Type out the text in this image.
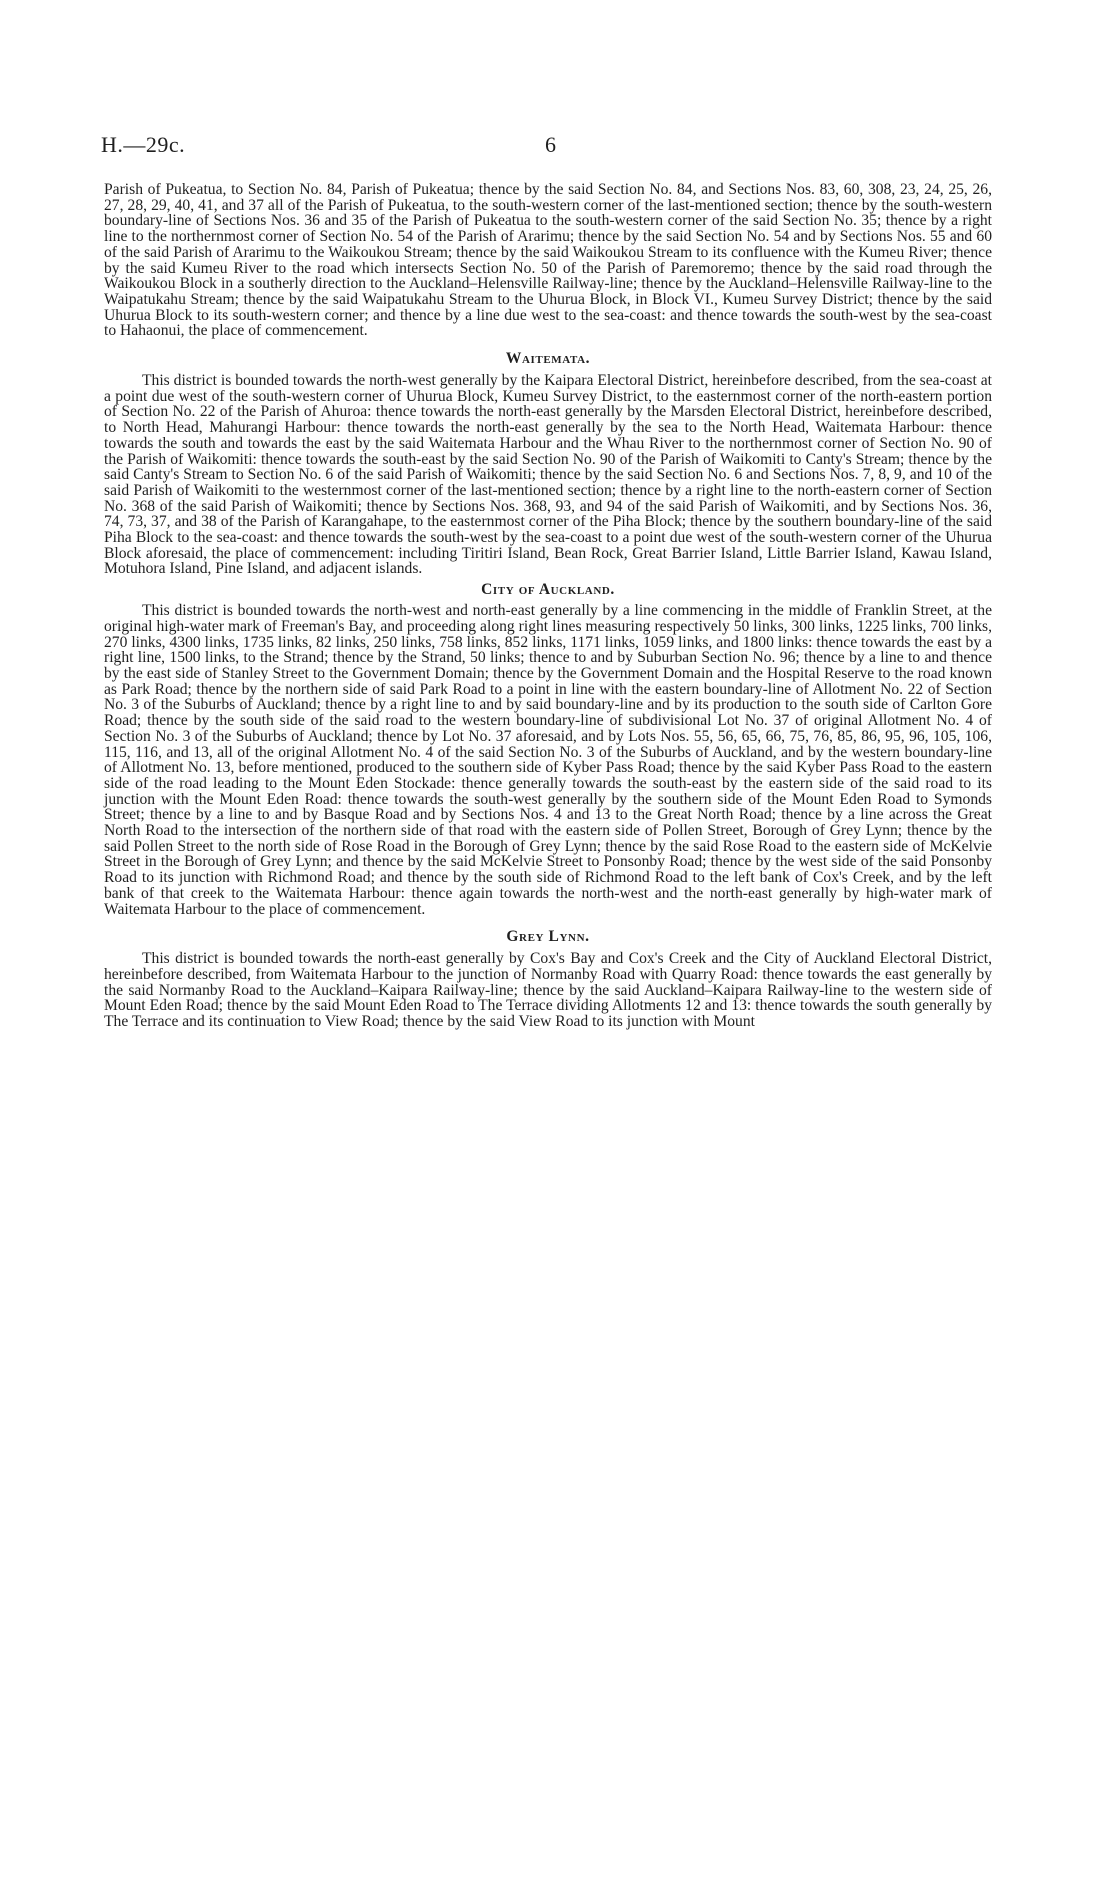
H.—29c.	6

Parish of Pukeatua, to Section No. 84, Parish of Pukeatua; thence by the said Section No. 84, and Sections Nos. 83, 60, 308, 23, 24, 25, 26, 27, 28, 29, 40, 41, and 37 all of the Parish of Pukeatua, to the south-western corner of the last-mentioned section; thence by the south-western boundary-line of Sections Nos. 36 and 35 of the Parish of Pukeatua to the south-western corner of the said Section No. 35; thence by a right line to the northernmost corner of Section No. 54 of the Parish of Ararimu; thence by the said Section No. 54 and by Sections Nos. 55 and 60 of the said Parish of Ararimu to the Waikoukou Stream; thence by the said Waikoukou Stream to its confluence with the Kumeu River; thence by the said Kumeu River to the road which intersects Section No. 50 of the Parish of Paremoremo; thence by the said road through the Waikoukou Block in a southerly direction to the Auckland–Helensville Railway-line; thence by the Auckland–Helensville Railway-line to the Waipatukahu Stream; thence by the said Waipatukahu Stream to the Uhurua Block, in Block VI., Kumeu Survey District; thence by the said Uhurua Block to its south-western corner; and thence by a line due west to the sea-coast: and thence towards the south-west by the sea-coast to Hahaonui, the place of commencement.

Waitemata.

This district is bounded towards the north-west generally by the Kaipara Electoral District, hereinbefore described, from the sea-coast at a point due west of the south-western corner of Uhurua Block, Kumeu Survey District, to the easternmost corner of the north-eastern portion of Section No. 22 of the Parish of Ahuroa: thence towards the north-east generally by the Marsden Electoral District, hereinbefore described, to North Head, Mahurangi Harbour: thence towards the north-east generally by the sea to the North Head, Waitemata Harbour: thence towards the south and towards the east by the said Waitemata Harbour and the Whau River to the northernmost corner of Section No. 90 of the Parish of Waikomiti: thence towards the south-east by the said Section No. 90 of the Parish of Waikomiti to Canty's Stream; thence by the said Canty's Stream to Section No. 6 of the said Parish of Waikomiti; thence by the said Section No. 6 and Sections Nos. 7, 8, 9, and 10 of the said Parish of Waikomiti to the westernmost corner of the last-mentioned section; thence by a right line to the north-eastern corner of Section No. 368 of the said Parish of Waikomiti; thence by Sections Nos. 368, 93, and 94 of the said Parish of Waikomiti, and by Sections Nos. 36, 74, 73, 37, and 38 of the Parish of Karangahape, to the easternmost corner of the Piha Block; thence by the southern boundary-line of the said Piha Block to the sea-coast: and thence towards the south-west by the sea-coast to a point due west of the south-western corner of the Uhurua Block aforesaid, the place of commencement: including Tiritiri Island, Bean Rock, Great Barrier Island, Little Barrier Island, Kawau Island, Motuhora Island, Pine Island, and adjacent islands.

City of Auckland.

This district is bounded towards the north-west and north-east generally by a line commencing in the middle of Franklin Street, at the original high-water mark of Freeman's Bay, and proceeding along right lines measuring respectively 50 links, 300 links, 1225 links, 700 links, 270 links, 4300 links, 1735 links, 82 links, 250 links, 758 links, 852 links, 1171 links, 1059 links, and 1800 links: thence towards the east by a right line, 1500 links, to the Strand; thence by the Strand, 50 links; thence to and by Suburban Section No. 96; thence by a line to and thence by the east side of Stanley Street to the Government Domain; thence by the Government Domain and the Hospital Reserve to the road known as Park Road; thence by the northern side of said Park Road to a point in line with the eastern boundary-line of Allotment No. 22 of Section No. 3 of the Suburbs of Auckland; thence by a right line to and by said boundary-line and by its production to the south side of Carlton Gore Road; thence by the south side of the said road to the western boundary-line of subdivisional Lot No. 37 of original Allotment No. 4 of Section No. 3 of the Suburbs of Auckland; thence by Lot No. 37 aforesaid, and by Lots Nos. 55, 56, 65, 66, 75, 76, 85, 86, 95, 96, 105, 106, 115, 116, and 13, all of the original Allotment No. 4 of the said Section No. 3 of the Suburbs of Auckland, and by the western boundary-line of Allotment No. 13, before mentioned, produced to the southern side of Kyber Pass Road; thence by the said Kyber Pass Road to the eastern side of the road leading to the Mount Eden Stockade: thence generally towards the south-east by the eastern side of the said road to its junction with the Mount Eden Road: thence towards the south-west generally by the southern side of the Mount Eden Road to Symonds Street; thence by a line to and by Basque Road and by Sections Nos. 4 and 13 to the Great North Road; thence by a line across the Great North Road to the intersection of the northern side of that road with the eastern side of Pollen Street, Borough of Grey Lynn; thence by the said Pollen Street to the north side of Rose Road in the Borough of Grey Lynn; thence by the said Rose Road to the eastern side of McKelvie Street in the Borough of Grey Lynn; and thence by the said McKelvie Street to Ponsonby Road; thence by the west side of the said Ponsonby Road to its junction with Richmond Road; and thence by the south side of Richmond Road to the left bank of Cox's Creek, and by the left bank of that creek to the Waitemata Harbour: thence again towards the north-west and the north-east generally by high-water mark of Waitemata Harbour to the place of commencement.

Grey Lynn.

This district is bounded towards the north-east generally by Cox's Bay and Cox's Creek and the City of Auckland Electoral District, hereinbefore described, from Waitemata Harbour to the junction of Normanby Road with Quarry Road: thence towards the east generally by the said Normanby Road to the Auckland–Kaipara Railway-line; thence by the said Auckland–Kaipara Railway-line to the western side of Mount Eden Road; thence by the said Mount Eden Road to The Terrace dividing Allotments 12 and 13: thence towards the south generally by The Terrace and its continuation to View Road; thence by the said View Road to its junction with Mount
